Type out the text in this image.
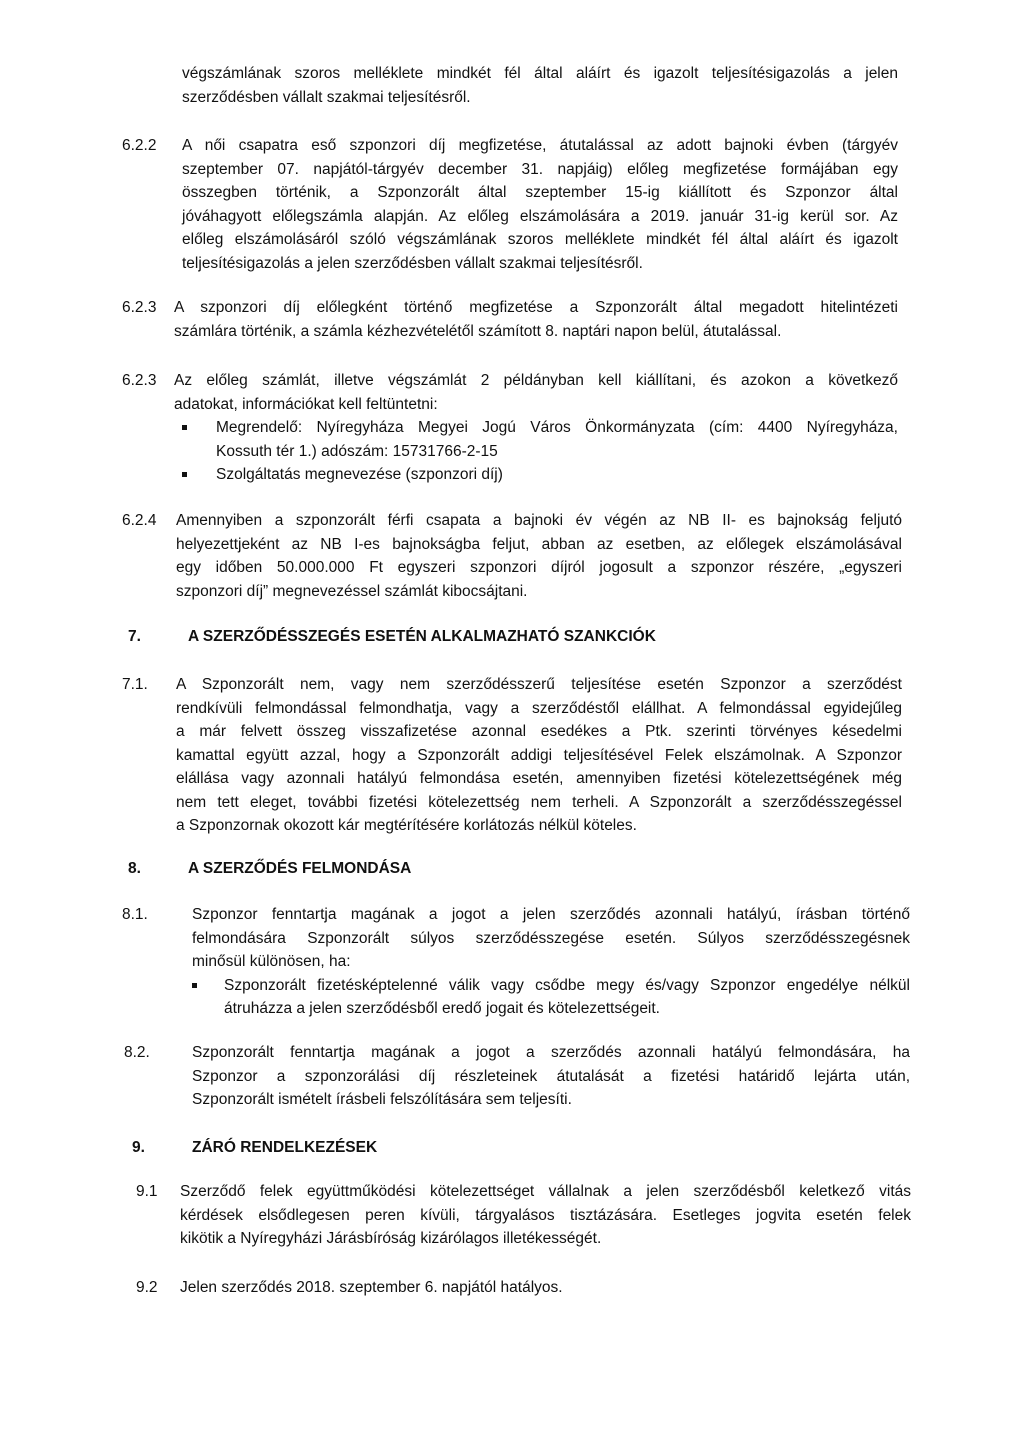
végszámlának szoros melléklete mindkét fél által aláírt és igazolt teljesítésigazolás a jelen
szerződésben vállalt szakmai teljesítésről.
6.2.2 A női csapatra eső szponzori díj megfizetése, átutalással az adott bajnoki évben (tárgyév
szeptember 07. napjától-tárgyév december 31. napjáig) előleg megfizetése formájában egy
összegben történik, a Szponzorált által szeptember 15-ig kiállított és Szponzor által
jóváhagyott előlegszámla alapján. Az előleg elszámolására a 2019. január 31-ig kerül sor. Az
előleg elszámolásáról szóló végszámlának szoros melléklete mindkét fél által aláírt és igazolt
teljesítésigazolás a jelen szerződésben vállalt szakmai teljesítésről.
6.2.3 A szponzori díj előlegként történő megfizetése a Szponzorált által megadott hitelintézeti
számlára történik, a számla kézhezvételétől számított 8. naptári napon belül, átutalással.
6.2.3 Az előleg számlát, illetve végszámlát 2 példányban kell kiállítani, és azokon a következő
adatokat, információkat kell feltüntetni:
Megrendelő: Nyíregyháza Megyei Jogú Város Önkormányzata (cím: 4400 Nyíregyháza,
Kossuth tér 1.) adószám: 15731766-2-15
Szolgáltatás megnevezése (szponzori díj)
6.2.4 Amennyiben a szponzorált férfi csapata a bajnoki év végén az NB II- es bajnokság feljutó
helyezettjeként az NB I-es bajnokságba feljut, abban az esetben, az előlegek elszámolásával
egy időben 50.000.000 Ft egyszeri szponzori díjról jogosult a szponzor részére, „egyszeri
szponzori díj” megnevezéssel számlát kibocsájtani.
7.	A SZERZŐDÉSSZEGÉS ESETÉN ALKALMAZHATÓ SZANKCIÓK
7.1. A Szponzorált nem, vagy nem szerződésszerű teljesítése esetén Szponzor a szerződést
rendkívüli felmondással felmondhatja, vagy a szerződéstől elállhat. A felmondással egyidejűleg
a már felvett összeg visszafizetése azonnal esedékes a Ptk. szerinti törvényes késedelmi
kamattal együtt azzal, hogy a Szponzorált addigi teljesítésével Felek elszámolnak. A Szponzor
elállása vagy azonnali hatályú felmondása esetén, amennyiben fizetési kötelezettségének még
nem tett eleget, további fizetési kötelezettség nem terheli. A Szponzorált a szerződésszegéssel
a Szponzornak okozott kár megtérítésére korlátozás nélkül köteles.
8.	A SZERZŐDÉS FELMONDÁSA
8.1.	Szponzor fenntartja magának a jogot a jelen szerződés azonnali hatályú, írásban történő
felmondására Szponzorált súlyos szerződésszegése esetén. Súlyos szerződésszegésnek
minősül különösen, ha:
Szponzorált fizetésképtelenné válik vagy csődbe megy és/vagy Szponzor engedélye nélkül
átruházza a jelen szerződésből eredő jogait és kötelezettségeit.
8.2.	Szponzorált fenntartja magának a jogot a szerződés azonnali hatályú felmondására, ha
Szponzor a szponzorálási díj részleteinek átutalását a fizetési határidő lejárta után,
Szponzorált ismételt írásbeli felszólítására sem teljesíti.
9.	ZÁRÓ RENDELKEZÉSEK
9.1 Szerződő felek együttműködési kötelezettséget vállalnak a jelen szerződésből keletkező vitás
kérdések elsődlegesen peren kívüli, tárgyalásos tisztázására. Esetleges jogvita esetén felek
kikötik a Nyíregyházi Járásbíróság kizárólagos illetékességét.
9.2 Jelen szerződés 2018. szeptember 6. napjától hatályos.
